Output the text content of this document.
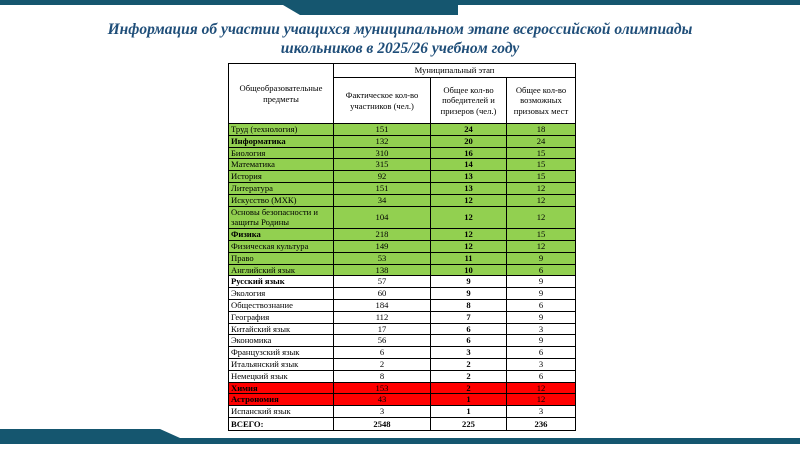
Информация об участии учащихся муниципальном этапе всероссийской олимпиады
школьников в 2025/26 учебном году
Общеобразовательные предметы	Муниципальный этап		
	Фактическое кол-во участников (чел.)	Общее кол-во победителей и призеров (чел.)	Общее кол-во возможных призовых мест
Труд (технология)	151	24	18
Информатика	132	20	24
Биология	310	16	15
Математика	315	14	15
История	92	13	15
Литература	151	13	12
Искусство (МХК)	34	12	12
Основы безопасности и защиты Родины	104	12	12
Физика	218	12	15
Физическая культура	149	12	12
Право	53	11	9
Английский язык	138	10	6
Русский язык	57	9	9
Экология	60	9	9
Обществознание	184	8	6
География	112	7	9
Китайский язык	17	6	3
Экономика	56	6	9
Французский язык	6	3	6
Итальянский язык	2	2	3
Немецкий язык	8	2	6
Химия	153	2	12
Астрономия	43	1	12
Испанский язык	3	1	3
ВСЕГО:	2548	225	236
